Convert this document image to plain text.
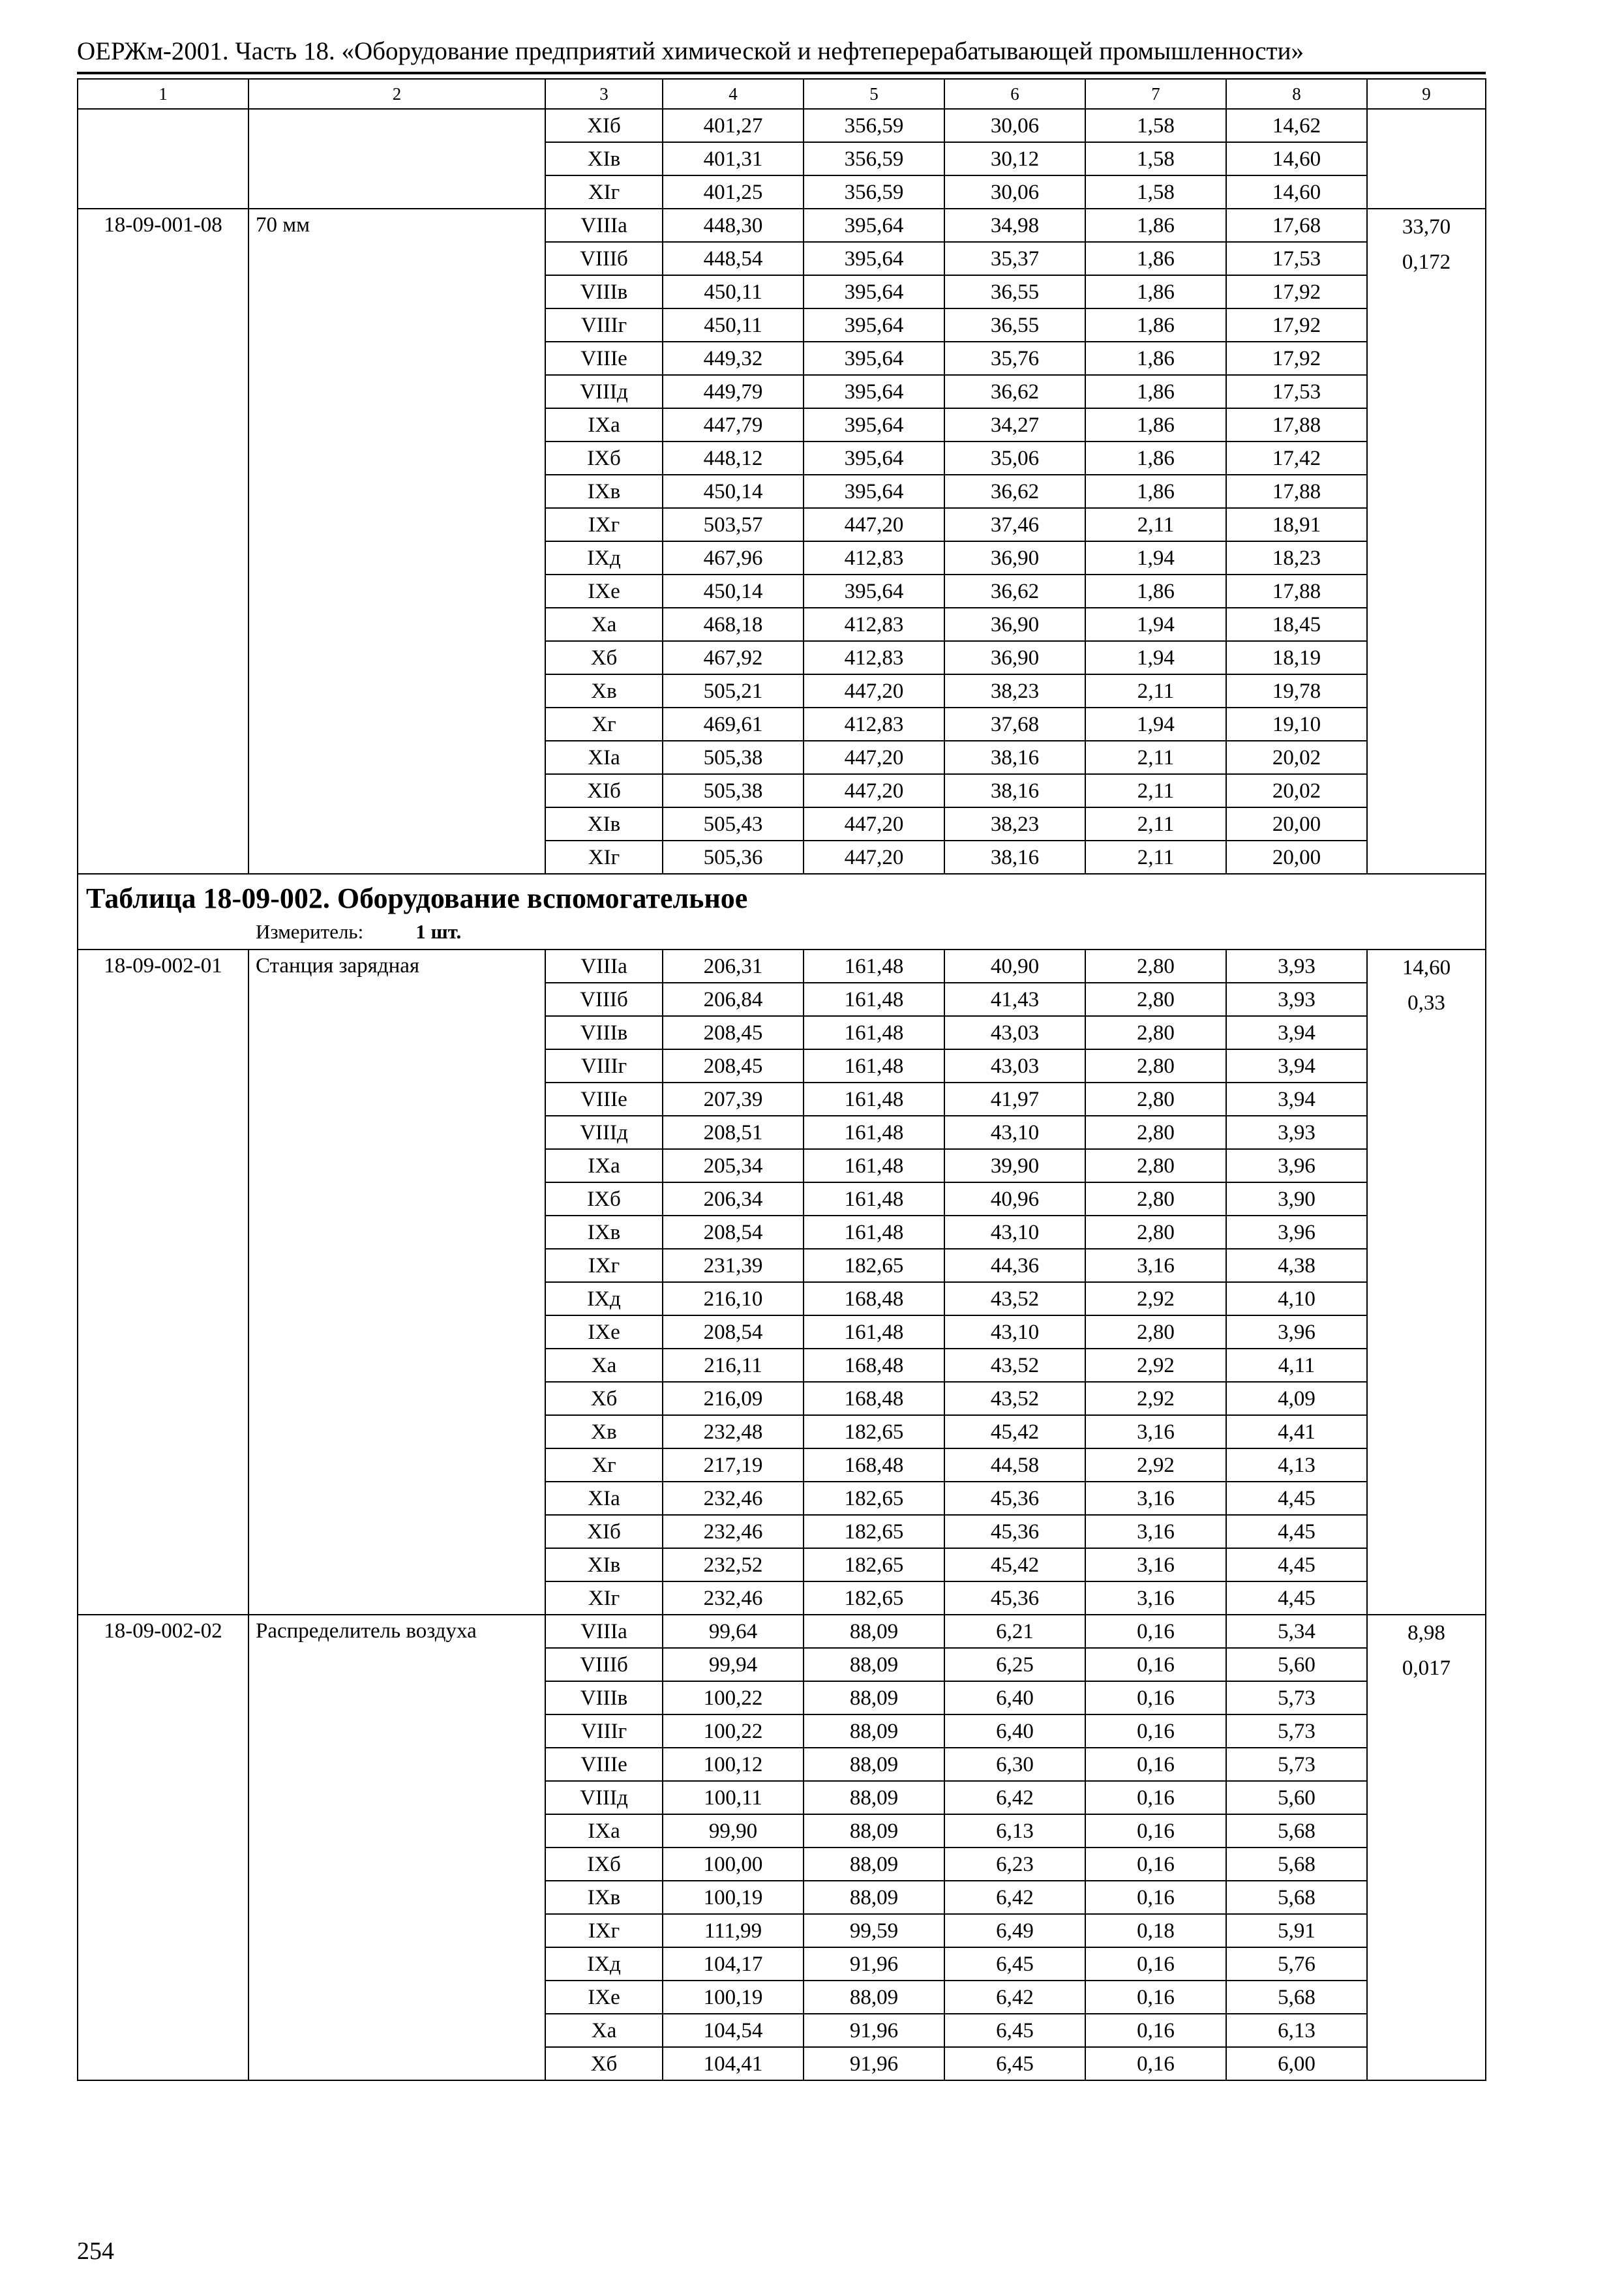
ОЕРЖм-2001. Часть 18. «Оборудование предприятий химической и нефтеперерабатывающей промышленности»
1	2	3	4	5	6	7	8	9
		XIб	401,27	356,59	30,06	1,58	14,62	
		XIв	401,31	356,59	30,12	1,58	14,60	
		XIг	401,25	356,59	30,06	1,58	14,60	
18-09-001-08	70 мм	VIIIа	448,30	395,64	34,98	1,86	17,68	33,70
0,172

		VIIIб	448,54	395,64	35,37	1,86	17,53	
		VIIIв	450,11	395,64	36,55	1,86	17,92	
		VIIIг	450,11	395,64	36,55	1,86	17,92	
		VIIIе	449,32	395,64	35,76	1,86	17,92	
		VIIIд	449,79	395,64	36,62	1,86	17,53	
		IXа	447,79	395,64	34,27	1,86	17,88	
		IXб	448,12	395,64	35,06	1,86	17,42	
		IXв	450,14	395,64	36,62	1,86	17,88	
		IXг	503,57	447,20	37,46	2,11	18,91	
		IXд	467,96	412,83	36,90	1,94	18,23	
		IXе	450,14	395,64	36,62	1,86	17,88	
		Xа	468,18	412,83	36,90	1,94	18,45	
		Xб	467,92	412,83	36,90	1,94	18,19	
		Xв	505,21	447,20	38,23	2,11	19,78	
		Xг	469,61	412,83	37,68	1,94	19,10	
		XIа	505,38	447,20	38,16	2,11	20,02	
		XIб	505,38	447,20	38,16	2,11	20,02	
		XIв	505,43	447,20	38,23	2,11	20,00	
		XIг	505,36	447,20	38,16	2,11	20,00	

Таблица 18-09-002. Оборудование вспомогательное
Измеритель: 1 шт.								

18-09-002-01	Станция зарядная	VIIIа	206,31	161,48	40,90	2,80	3,93	14,60
0,33

		VIIIб	206,84	161,48	41,43	2,80	3,93	
		VIIIв	208,45	161,48	43,03	2,80	3,94	
		VIIIг	208,45	161,48	43,03	2,80	3,94	
		VIIIе	207,39	161,48	41,97	2,80	3,94	
		VIIIд	208,51	161,48	43,10	2,80	3,93	
		IXа	205,34	161,48	39,90	2,80	3,96	
		IXб	206,34	161,48	40,96	2,80	3,90	
		IXв	208,54	161,48	43,10	2,80	3,96	
		IXг	231,39	182,65	44,36	3,16	4,38	
		IXд	216,10	168,48	43,52	2,92	4,10	
		IXе	208,54	161,48	43,10	2,80	3,96	
		Xа	216,11	168,48	43,52	2,92	4,11	
		Xб	216,09	168,48	43,52	2,92	4,09	
		Xв	232,48	182,65	45,42	3,16	4,41	
		Xг	217,19	168,48	44,58	2,92	4,13	
		XIа	232,46	182,65	45,36	3,16	4,45	
		XIб	232,46	182,65	45,36	3,16	4,45	
		XIв	232,52	182,65	45,42	3,16	4,45	
		XIг	232,46	182,65	45,36	3,16	4,45	
18-09-002-02	Распределитель воздуха	VIIIа	99,64	88,09	6,21	0,16	5,34	8,98
0,017

		VIIIб	99,94	88,09	6,25	0,16	5,60	
		VIIIв	100,22	88,09	6,40	0,16	5,73	
		VIIIг	100,22	88,09	6,40	0,16	5,73	
		VIIIе	100,12	88,09	6,30	0,16	5,73	
		VIIIд	100,11	88,09	6,42	0,16	5,60	
		IXа	99,90	88,09	6,13	0,16	5,68	
		IXб	100,00	88,09	6,23	0,16	5,68	
		IXв	100,19	88,09	6,42	0,16	5,68	
		IXг	111,99	99,59	6,49	0,18	5,91	
		IXд	104,17	91,96	6,45	0,16	5,76	
		IXе	100,19	88,09	6,42	0,16	5,68	
		Xа	104,54	91,96	6,45	0,16	6,13	
		Xб	104,41	91,96	6,45	0,16	6,00	
254
